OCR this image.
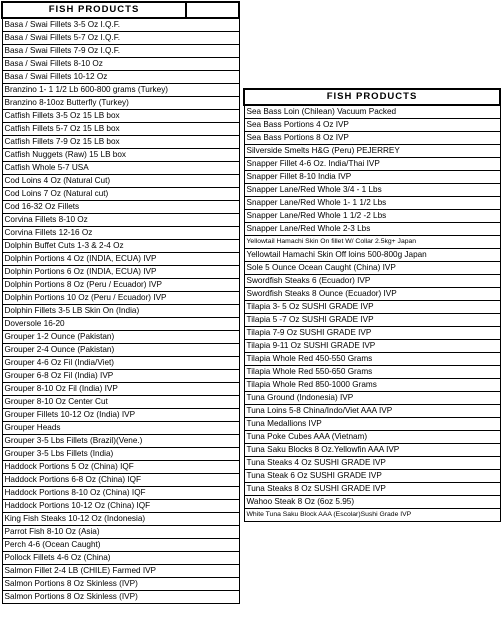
FISH PRODUCTS	
Basa / Swai Fillets 3-5 Oz I.Q.F.
Basa / Swai Fillets 5-7 Oz I.Q.F.
Basa / Swai Fillets 7-9 Oz I.Q.F.
Basa / Swai Fillets 8-10 Oz
Basa / Swai Fillets 10-12 Oz
Branzino 1- 1 1/2 Lb 600-800 grams (Turkey)
Branzino 8-10oz Butterfly (Turkey)
Catfish Fillets 3-5 Oz 15 LB box
Catfish Fillets 5-7 Oz 15 LB box
Catfish Fillets 7-9 Oz 15 LB box
Catfish Nuggets (Raw) 15 LB box
Catfish Whole 5-7 USA
Cod Loins 4 Oz (Natural Cut)
Cod Loins 7 Oz (Natural cut)
Cod 16-32 Oz Fillets
Corvina Fillets 8-10 Oz
Corvina Fillets 12-16 Oz
Dolphin Buffet Cuts 1-3 & 2-4 Oz
Dolphin Portions 4 Oz (INDIA, ECUA) IVP
Dolphin Portions 6 Oz (INDIA, ECUA) IVP
Dolphin Portions 8 Oz (Peru / Ecuador) IVP
Dolphin Portions 10 Oz (Peru / Ecuador) IVP
Dolphin Fillets 3-5 LB Skin On (India)
Doversole 16-20
Grouper 1-2 Ounce (Pakistan)
Grouper 2-4 Ounce (Pakistan)
Grouper 4-6 Oz Fil (India/Viet)
Grouper 6-8 Oz Fil (India) IVP
Grouper 8-10 Oz Fil (India) IVP
Grouper 8-10 Oz Center Cut
Grouper Fillets 10-12 Oz (India) IVP
Grouper Heads
Grouper 3-5 Lbs Fillets (Brazil)(Vene.)
Grouper 3-5 Lbs Fillets (India)
Haddock Portions 5 Oz (China) IQF
Haddock Portions 6-8 Oz (China) IQF
Haddock Portions 8-10 Oz (China) IQF
Haddock Portions 10-12 Oz (China) IQF
King Fish Steaks 10-12 Oz (Indonesia)
Parrot Fish 8-10 Oz (Asia)
Perch 4-6 (Ocean Caught)
Pollock Fillets 4-6 Oz (China)
Salmon Fillet 2-4 LB (CHILE) Farmed IVP
Salmon Portions 8 Oz Skinless (IVP)
Salmon Portions 8 Oz Skinless (IVP)
FISH PRODUCTS
Sea Bass Loin (Chilean) Vacuum Packed
Sea Bass Portions 4 Oz IVP
Sea Bass Portions 8 Oz IVP
Silverside Smelts H&G (Peru) PEJERREY
Snapper Fillet 4-6 Oz. India/Thai IVP
Snapper Fillet 8-10 India IVP
Snapper Lane/Red Whole 3/4 - 1 Lbs
Snapper Lane/Red Whole 1- 1 1/2 Lbs
Snapper Lane/Red Whole 1 1/2 -2 Lbs
Snapper Lane/Red Whole 2-3 Lbs
Yellowtail Hamachi Skin On fillet W/ Collar 2.5kg+ Japan
Yellowtail Hamachi Skin Off loins 500-800g Japan
Sole 5 Ounce Ocean Caught (China) IVP
Swordfish Steaks 6 (Ecuador) IVP
Swordfish Steaks 8 Ounce (Ecuador) IVP
Tilapia 3- 5 Oz SUSHI GRADE IVP
Tilapia 5 -7 Oz SUSHI GRADE IVP
Tilapia 7-9 Oz SUSHI GRADE IVP
Tilapia 9-11 Oz SUSHI GRADE IVP
Tilapia Whole Red 450-550 Grams
Tilapia Whole Red 550-650 Grams
Tilapia Whole Red 850-1000 Grams
Tuna Ground (Indonesia) IVP
Tuna Loins 5-8 China/Indo/Viet AAA IVP
Tuna Medallions IVP
Tuna Poke Cubes AAA (Vietnam)
Tuna Saku Blocks 8 Oz.Yellowfin AAA IVP
Tuna Steaks 4 Oz SUSHI GRADE IVP
Tuna Steak 6 Oz SUSHI GRADE IVP
Tuna Steaks 8 Oz SUSHI GRADE IVP
Wahoo Steak 8 Oz (6oz 5.95)
White Tuna Saku Block AAA (Escolar)Sushi Grade IVP
